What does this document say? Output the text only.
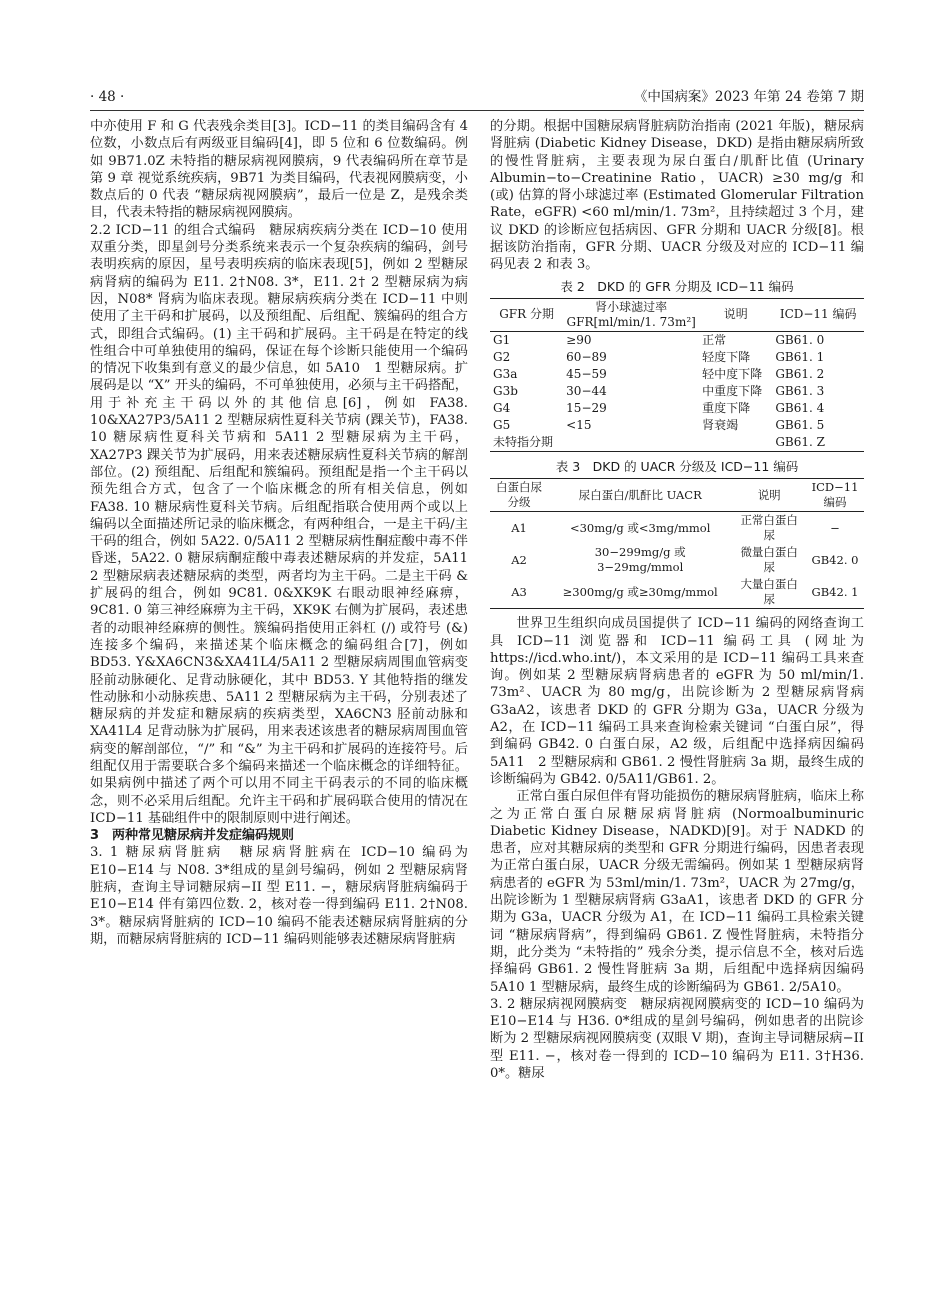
· 48 ·	《中国病案》2023 年第 24 卷第 7 期

中亦使用 F 和 G 代表残余类目[3]。ICD−11 的类目编码含有 4 位数，小数点后有两级亚目编码[4]，即 5 位和 6 位数编码。例如 9B71.0Z 未特指的糖尿病视网膜病，9 代表编码所在章节是第 9 章 视觉系统疾病，9B71 为类目编码，代表视网膜病变，小数点后的 0 代表 “糖尿病视网膜病”，最后一位是 Z，是残余类目，代表未特指的糖尿病视网膜病。

2.2 ICD−11 的组合式编码　糖尿病疾病分类在 ICD−10 使用双重分类，即星剑号分类系统来表示一个复杂疾病的编码，剑号表明疾病的原因，星号表明疾病的临床表现[5]，例如 2 型糖尿病肾病的编码为 E11. 2†N08. 3*，E11. 2† 2 型糖尿病为病因，N08* 肾病为临床表现。糖尿病疾病分类在 ICD−11 中则使用了主干码和扩展码，以及预组配、后组配、簇编码的组合方式，即组合式编码。(1) 主干码和扩展码。主干码是在特定的线性组合中可单独使用的编码，保证在每个诊断只能使用一个编码的情况下收集到有意义的最少信息，如 5A10　1 型糖尿病。扩展码是以 “X” 开头的编码，不可单独使用，必须与主干码搭配，用于补充主干码以外的其他信息[6]，例如 FA38. 10&XA27P3/5A11 2 型糖尿病性夏科关节病 (踝关节)，FA38. 10 糖尿病性夏科关节病和 5A11 2 型糖尿病为主干码，XA27P3 踝关节为扩展码，用来表述糖尿病性夏科关节病的解剖部位。(2) 预组配、后组配和簇编码。预组配是指一个主干码以预先组合方式，包含了一个临床概念的所有相关信息，例如 FA38. 10 糖尿病性夏科关节病。后组配指联合使用两个或以上编码以全面描述所记录的临床概念，有两种组合，一是主干码/主干码的组合，例如 5A22. 0/5A11 2 型糖尿病性酮症酸中毒不伴昏迷，5A22. 0 糖尿病酮症酸中毒表述糖尿病的并发症，5A11 2 型糖尿病表述糖尿病的类型，两者均为主干码。二是主干码 & 扩展码的组合，例如 9C81. 0&XK9K 右眼动眼神经麻痹，9C81. 0 第三神经麻痹为主干码，XK9K 右侧为扩展码，表述患者的动眼神经麻痹的侧性。簇编码指使用正斜杠 (/) 或符号 (&) 连接多个编码，来描述某个临床概念的编码组合[7]，例如 BD53. Y&XA6CN3&XA41L4/5A11 2 型糖尿病周围血管病变 胫前动脉硬化、足背动脉硬化，其中 BD53. Y 其他特指的继发性动脉和小动脉疾患、5A11 2 型糖尿病为主干码，分别表述了糖尿病的并发症和糖尿病的疾病类型，XA6CN3 胫前动脉和 XA41L4 足背动脉为扩展码，用来表述该患者的糖尿病周围血管病变的解剖部位，“/” 和 “&” 为主干码和扩展码的连接符号。后组配仅用于需要联合多个编码来描述一个临床概念的详细特征。如果病例中描述了两个可以用不同主干码表示的不同的临床概念，则不必采用后组配。允许主干码和扩展码联合使用的情况在 ICD−11 基础组件中的限制原则中进行阐述。

3　两种常见糖尿病并发症编码规则

3. 1 糖尿病肾脏病　糖尿病肾脏病在 ICD−10 编码为 E10−E14 与 N08. 3*组成的星剑号编码，例如 2 型糖尿病肾脏病，查询主导词糖尿病−II 型 E11. −，糖尿病肾脏病编码于 E10−E14 伴有第四位数. 2，核对卷一得到编码 E11. 2†N08. 3*。糖尿病肾脏病的 ICD−10 编码不能表述糖尿病肾脏病的分期，而糖尿病肾脏病的 ICD−11 编码则能够表述糖尿病肾脏病

的分期。根据中国糖尿病肾脏病防治指南 (2021 年版)，糖尿病肾脏病 (Diabetic Kidney Disease，DKD) 是指由糖尿病所致的慢性肾脏病，主要表现为尿白蛋白/肌酐比值 (Urinary Albumin−to−Creatinine Ratio，UACR) ≥30 mg/g 和 (或) 估算的肾小球滤过率 (Estimated Glomerular Filtration Rate，eGFR) <60 ml/min/1. 73m²，且持续超过 3 个月，建议 DKD 的诊断应包括病因、GFR 分期和 UACR 分级[8]。根据该防治指南，GFR 分期、UACR 分级及对应的 ICD−11 编码见表 2 和表 3。

表 2　DKD 的 GFR 分期及 ICD−11 编码
GFR 分期	肾小球滤过率 GFR[ml/min/1. 73m²]	说明	ICD−11 编码
G1	≥90	正常	GB61. 0
G2	60−89	轻度下降	GB61. 1
G3a	45−59	轻中度下降	GB61. 2
G3b	30−44	中重度下降	GB61. 3
G4	15−29	重度下降	GB61. 4
G5	<15	肾衰竭	GB61. 5
未特指分期			GB61. Z
表 3　DKD 的 UACR 分级及 ICD−11 编码
白蛋白尿分级	尿白蛋白/肌酐比 UACR	说明	ICD−11 编码
A1	<30mg/g 或<3mg/mmol	正常白蛋白尿	−
A2	30−299mg/g 或 3−29mg/mmol	微量白蛋白尿	GB42. 0
A3	≥300mg/g 或≥30mg/mmol	大量白蛋白尿	GB42. 1

世界卫生组织向成员国提供了 ICD−11 编码的网络查询工具 ICD−11 浏览器和 ICD−11 编码工具 (网址为 https://icd.who.int/)，本文采用的是 ICD−11 编码工具来查询。例如某 2 型糖尿病肾病患者的 eGFR 为 50 ml/min/1. 73m²、UACR 为 80 mg/g，出院诊断为 2 型糖尿病肾病 G3aA2，该患者 DKD 的 GFR 分期为 G3a，UACR 分级为 A2，在 ICD−11 编码工具来查询检索关键词 “白蛋白尿”，得到编码 GB42. 0 白蛋白尿，A2 级，后组配中选择病因编码 5A11　2 型糖尿病和 GB61. 2 慢性肾脏病 3a 期，最终生成的诊断编码为 GB42. 0/5A11/GB61. 2。

正常白蛋白尿但伴有肾功能损伤的糖尿病肾脏病，临床上称之为正常白蛋白尿糖尿病肾脏病 (Normoalbuminuric Diabetic Kidney Disease，NADKD)[9]。对于 NADKD 的患者，应对其糖尿病的类型和 GFR 分期进行编码，因患者表现为正常白蛋白尿，UACR 分级无需编码。例如某 1 型糖尿病肾病患者的 eGFR 为 53ml/min/1. 73m²，UACR 为 27mg/g，出院诊断为 1 型糖尿病肾病 G3aA1，该患者 DKD 的 GFR 分期为 G3a，UACR 分级为 A1，在 ICD−11 编码工具检索关键词 “糖尿病肾病”，得到编码 GB61. Z 慢性肾脏病，未特指分期，此分类为 “未特指的” 残余分类，提示信息不全，核对后选择编码 GB61. 2 慢性肾脏病 3a 期，后组配中选择病因编码 5A10 1 型糖尿病，最终生成的诊断编码为 GB61. 2/5A10。

3. 2 糖尿病视网膜病变　糖尿病视网膜病变的 ICD−10 编码为 E10−E14 与 H36. 0*组成的星剑号编码，例如患者的出院诊断为 2 型糖尿病视网膜病变 (双眼 V 期)，查询主导词糖尿病−II 型 E11. −，核对卷一得到的 ICD−10 编码为 E11. 3†H36. 0*。糖尿
